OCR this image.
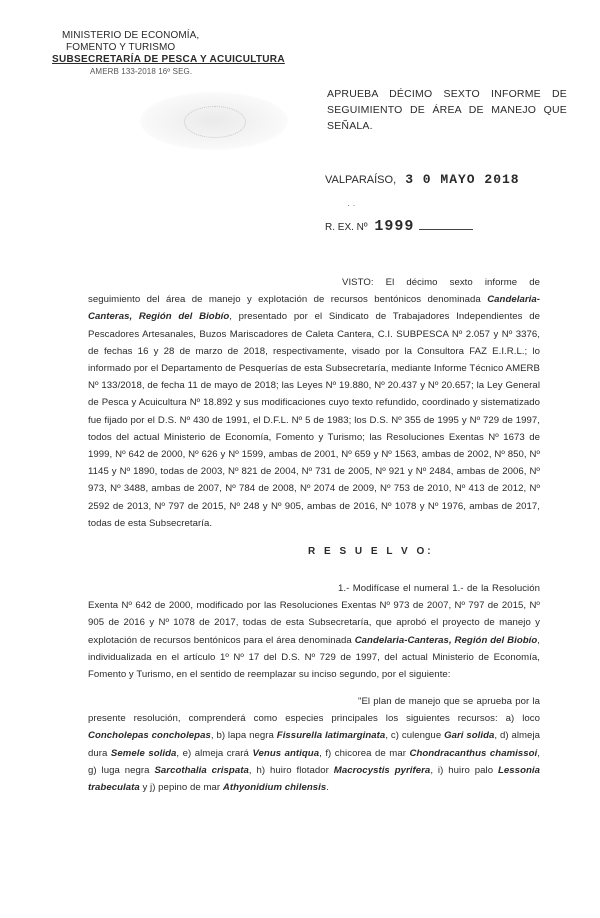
MINISTERIO DE ECONOMÍA,
FOMENTO Y TURISMO
SUBSECRETARÍA DE PESCA Y ACUICULTURA
AMERB 133-2018 16º SEG.
APRUEBA DÉCIMO SEXTO INFORME DE SEGUIMIENTO DE ÁREA DE MANEJO QUE SEÑALA.
VALPARAÍSO, 3 0 MAYO 2018
· ·
R. EX. Nº 1999
VISTO: El décimo sexto informe de seguimiento del área de manejo y explotación de recursos bentónicos denominada Candelaria-Canteras, Región del Biobío, presentado por el Sindicato de Trabajadores Independientes de Pescadores Artesanales, Buzos Mariscadores de Caleta Cantera, C.I. SUBPESCA Nº 2.057 y Nº 3376, de fechas 16 y 28 de marzo de 2018, respectivamente, visado por la Consultora FAZ E.I.R.L.; lo informado por el Departamento de Pesquerías de esta Subsecretaría, mediante Informe Técnico AMERB Nº 133/2018, de fecha 11 de mayo de 2018; las Leyes Nº 19.880, Nº 20.437 y Nº 20.657; la Ley General de Pesca y Acuicultura Nº 18.892 y sus modificaciones cuyo texto refundido, coordinado y sistematizado fue fijado por el D.S. Nº 430 de 1991, el D.F.L. Nº 5 de 1983; los D.S. Nº 355 de 1995 y Nº 729 de 1997, todos del actual Ministerio de Economía, Fomento y Turismo; las Resoluciones Exentas Nº 1673 de 1999, Nº 642 de 2000, Nº 626 y Nº 1599, ambas de 2001, Nº 659 y Nº 1563, ambas de 2002, Nº 850, Nº 1145 y Nº 1890, todas de 2003, Nº 821 de 2004, Nº 731 de 2005, Nº 921 y Nº 2484, ambas de 2006, Nº 973, Nº 3488, ambas de 2007, Nº 784 de 2008, Nº 2074 de 2009, Nº 753 de 2010, Nº 413 de 2012, Nº 2592 de 2013, Nº 797 de 2015, Nº 248 y Nº 905, ambas de 2016, Nº 1078 y Nº 1976, ambas de 2017, todas de esta Subsecretaría.
R E S U E L V O:
1.- Modifícase el numeral 1.- de la Resolución Exenta Nº 642 de 2000, modificado por las Resoluciones Exentas Nº 973 de 2007, Nº 797 de 2015, Nº 905 de 2016 y Nº 1078 de 2017, todas de esta Subsecretaría, que aprobó el proyecto de manejo y explotación de recursos bentónicos para el área denominada Candelaria-Canteras, Región del Biobío, individualizada en el artículo 1º Nº 17 del D.S. Nº 729 de 1997, del actual Ministerio de Economía, Fomento y Turismo, en el sentido de reemplazar su inciso segundo, por el siguiente:
"El plan de manejo que se aprueba por la presente resolución, comprenderá como especies principales los siguientes recursos: a) loco Concholepas concholepas, b) lapa negra Fissurella latimarginata, c) culengue Gari solida, d) almeja dura Semele solida, e) almeja crará Venus antiqua, f) chicorea de mar Chondracanthus chamissoi, g) luga negra Sarcothalia crispata, h) huiro flotador Macrocystis pyrifera, i) huiro palo Lessonia trabeculata y j) pepino de mar Athyonidium chilensis.
